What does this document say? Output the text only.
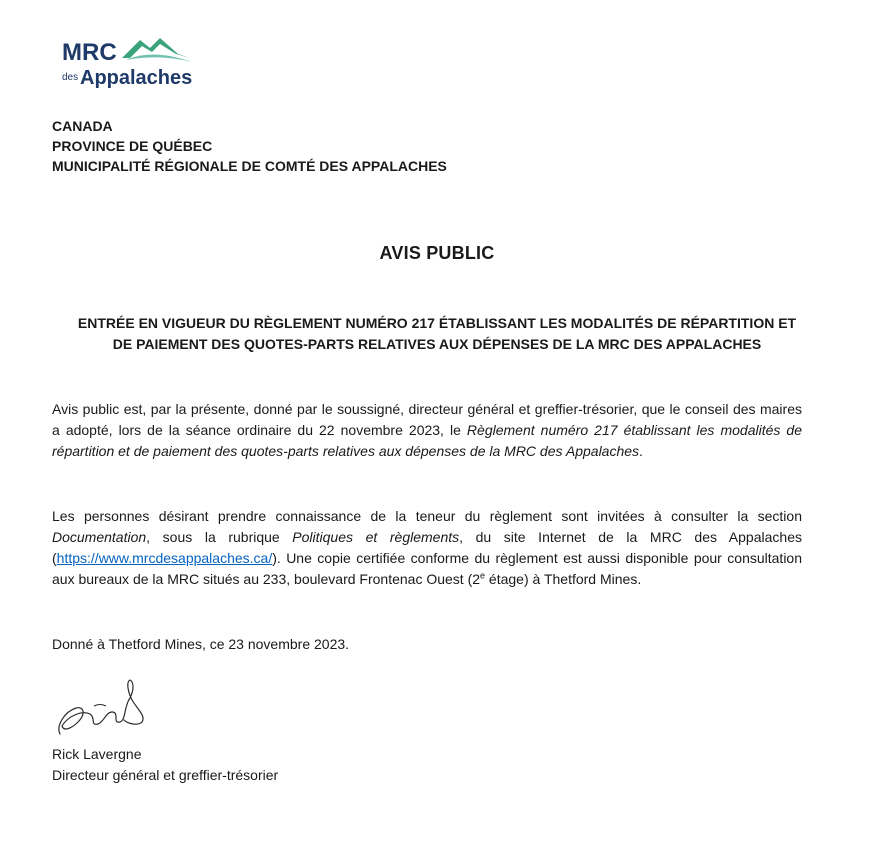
MRC
des Appalaches
CANADA
PROVINCE DE QUÉBEC
MUNICIPALITÉ RÉGIONALE DE COMTÉ DES APPALACHES
AVIS PUBLIC
ENTRÉE EN VIGUEUR DU RÈGLEMENT NUMÉRO 217 ÉTABLISSANT LES MODALITÉS DE RÉPARTITION ET
DE PAIEMENT DES QUOTES-PARTS RELATIVES AUX DÉPENSES DE LA MRC DES APPALACHES
Avis public est, par la présente, donné par le soussigné, directeur général et greffier-trésorier, que le conseil des maires a adopté, lors de la séance ordinaire du 22 novembre 2023, le Règlement numéro 217 établissant les modalités de répartition et de paiement des quotes-parts relatives aux dépenses de la MRC des Appalaches.
Les personnes désirant prendre connaissance de la teneur du règlement sont invitées à consulter la section Documentation, sous la rubrique Politiques et règlements, du site Internet de la MRC des Appalaches (https://www.mrcdesappalaches.ca/). Une copie certifiée conforme du règlement est aussi disponible pour consultation aux bureaux de la MRC situés au 233, boulevard Frontenac Ouest (2e étage) à Thetford Mines.
Donné à Thetford Mines, ce 23 novembre 2023.
Rick Lavergne
Directeur général et greffier-trésorier
